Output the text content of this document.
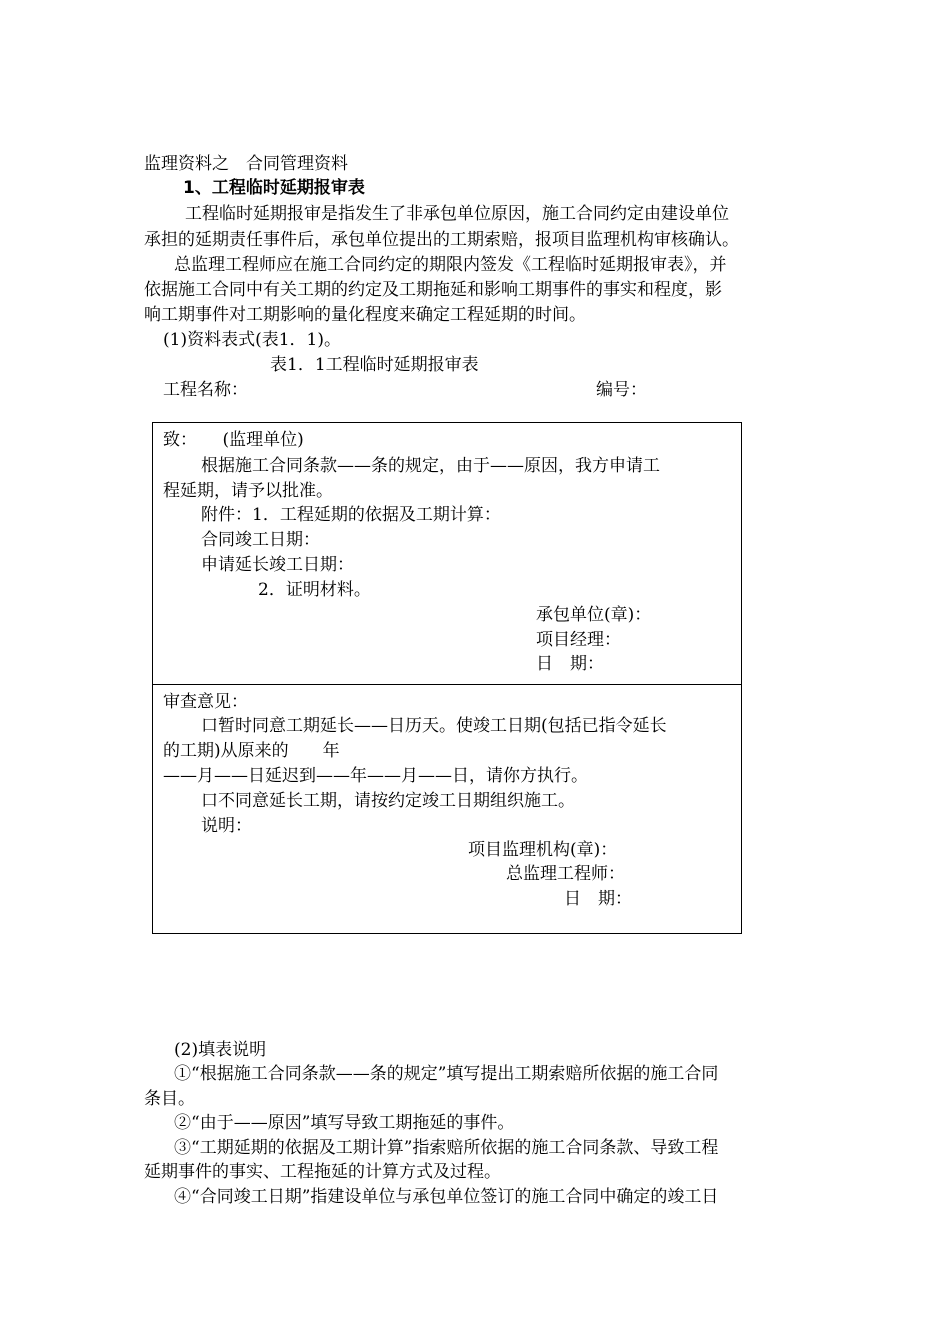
监理资料之　合同管理资料
1、工程临时延期报审表
工程临时延期报审是指发生了非承包单位原因，施工合同约定由建设单位
承担的延期责任事件后，承包单位提出的工期索赔，报项目监理机构审核确认。
总监理工程师应在施工合同约定的期限内签发《工程临时延期报审表》，并
依据施工合同中有关工期的约定及工期拖延和影响工期事件的事实和程度，影
响工期事件对工期影响的量化程度来确定工程延期的时间。
(1)资料表式(表1．1)。
表1．1工程临时延期报审表
工程名称：	编号：
致：　　(监理单位)
根据施工合同条款——条的规定，由于——原因，我方申请工
程延期，请予以批准。
附件：1．工程延期的依据及工期计算：
合同竣工日期：
申请延长竣工日期：
2．证明材料。
承包单位(章)：
项目经理：
日　期：
审查意见：
口暂时同意工期延长——日历天。使竣工日期(包括已指令延长
的工期)从原来的　　年
——月——日延迟到——年——月——日，请你方执行。
口不同意延长工期，请按约定竣工日期组织施工。
说明：
项目监理机构(章)：
总监理工程师：
日　期：
(2)填表说明
①“根据施工合同条款——条的规定”填写提出工期索赔所依据的施工合同
条目。
②“由于——原因”填写导致工期拖延的事件。
③“工期延期的依据及工期计算”指索赔所依据的施工合同条款、导致工程
延期事件的事实、工程拖延的计算方式及过程。
④“合同竣工日期”指建设单位与承包单位签订的施工合同中确定的竣工日
